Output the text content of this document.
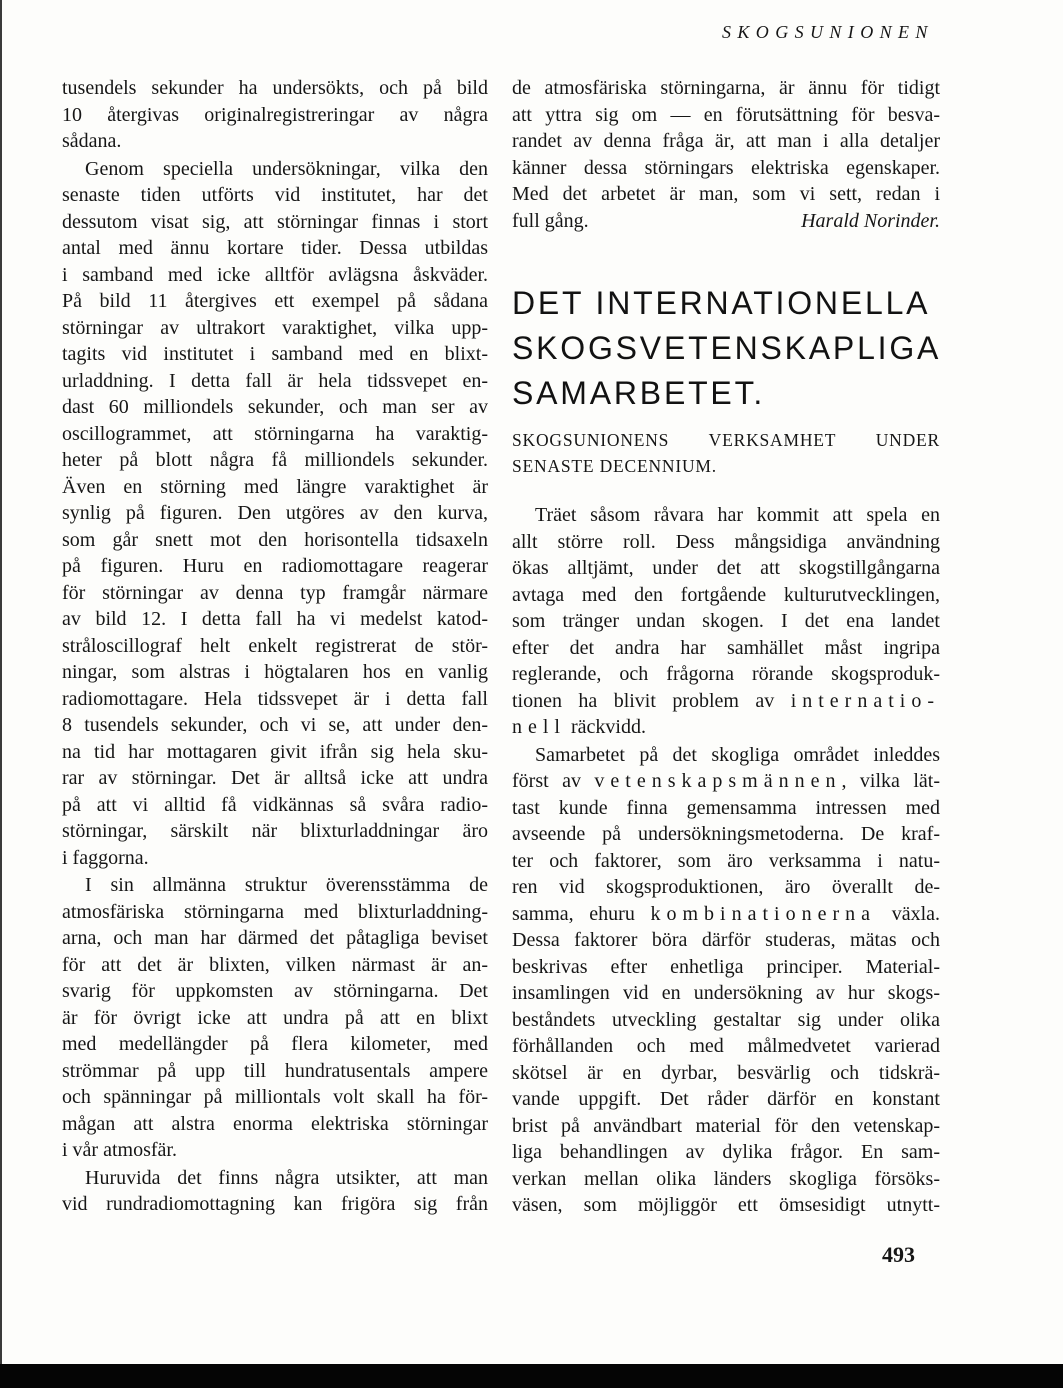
SKOGSUNIONEN
tusendels sekunder ha undersökts, och på bild
10 återgivas originalregistreringar av några
sådana.
Genom speciella undersökningar, vilka den
senaste tiden utförts vid institutet, har det
dessutom visat sig, att störningar finnas i stort
antal med ännu kortare tider. Dessa utbildas
i samband med icke alltför avlägsna åskväder.
På bild 11 återgives ett exempel på sådana
störningar av ultrakort varaktighet, vilka upp-
tagits vid institutet i samband med en blixt-
urladdning. I detta fall är hela tidssvepet en-
dast 60 milliondels sekunder, och man ser av
oscillogrammet, att störningarna ha varaktig-
heter på blott några få milliondels sekunder.
Även en störning med längre varaktighet är
synlig på figuren. Den utgöres av den kurva,
som går snett mot den horisontella tidsaxeln
på figuren. Huru en radiomottagare reagerar
för störningar av denna typ framgår närmare
av bild 12. I detta fall ha vi medelst katod-
stråloscillograf helt enkelt registrerat de stör-
ningar, som alstras i högtalaren hos en vanlig
radiomottagare. Hela tidssvepet är i detta fall
8 tusendels sekunder, och vi se, att under den-
na tid har mottagaren givit ifrån sig hela sku-
rar av störningar. Det är alltså icke att undra
på att vi alltid få vidkännas så svåra radio-
störningar, särskilt när blixturladdningar äro
i faggorna.
I sin allmänna struktur överensstämma de
atmosfäriska störningarna med blixturladdning-
arna, och man har därmed det påtagliga beviset
för att det är blixten, vilken närmast är an-
svarig för uppkomsten av störningarna. Det
är för övrigt icke att undra på att en blixt
med medellängder på flera kilometer, med
strömmar på upp till hundratusentals ampere
och spänningar på milliontals volt skall ha för-
mågan att alstra enorma elektriska störningar
i vår atmosfär.
Huruvida det finns några utsikter, att man
vid rundradiomottagning kan frigöra sig från
de atmosfäriska störningarna, är ännu för tidigt
att yttra sig om — en förutsättning för besva-
randet av denna fråga är, att man i alla detaljer
känner dessa störningars elektriska egenskaper.
Med det arbetet är man, som vi sett, redan i
full gång.	Harald Norinder.
DET INTERNATIONELLA
SKOGSVETENSKAPLIGA
SAMARBETET.
SKOGSUNIONENS VERKSAMHET UNDER
SENASTE DECENNIUM.
Träet såsom råvara har kommit att spela en
allt större roll. Dess mångsidiga användning
ökas alltjämt, under det att skogstillgångarna
avtaga med den fortgående kulturutvecklingen,
som tränger undan skogen. I det ena landet
efter det andra har samhället måst ingripa
reglerande, och frågorna rörande skogsproduk-
tionen ha blivit problem av internatio-
nell räckvidd.
Samarbetet på det skogliga området inleddes
först av vetenskapsmännen, vilka lät-
tast kunde finna gemensamma intressen med
avseende på undersökningsmetoderna. De kraf-
ter och faktorer, som äro verksamma i natu-
ren vid skogsproduktionen, äro överallt de-
samma, ehuru kombinationerna växla.
Dessa faktorer böra därför studeras, mätas och
beskrivas efter enhetliga principer. Material-
insamlingen vid en undersökning av hur skogs-
beståndets utveckling gestaltar sig under olika
förhållanden och med målmedvetet varierad
skötsel är en dyrbar, besvärlig och tidskrä-
vande uppgift. Det råder därför en konstant
brist på användbart material för den vetenskap-
liga behandlingen av dylika frågor. En sam-
verkan mellan olika länders skogliga försöks-
väsen, som möjliggör ett ömsesidigt utnytt-
493
